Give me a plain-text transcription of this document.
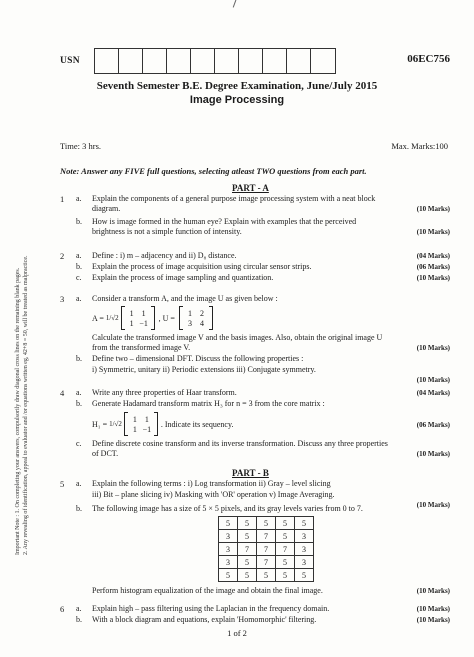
USN	06EC756
Seventh Semester B.E. Degree Examination, June/July 2015
Image Processing
Time: 3 hrs.	Max. Marks:100
Note: Answer any FIVE full questions, selecting atleast TWO questions from each part.
Important Note : 1. On completing your answers, compulsorily draw diagonal cross lines on the remaining blank pages. 2. Any revealing of identification, appeal to evaluator and /or equations written eg, 42+8 = 50, will be treated as malpractice.
PART - A
1 a. Explain the components of a general purpose image processing system with a neat block
diagram.	(10 Marks)
b. How is image formed in the human eye? Explain with examples that the perceived
brightness is not a simple function of intensity.	(10 Marks)
2 a. Define : i) m – adjacency and ii) D₈ distance.	(04 Marks)
b. Explain the process of image acquisition using circular sensor strips.	(06 Marks)
c. Explain the process of image sampling and quantization.	(10 Marks)
3 a. Consider a transform A, and the image U as given below :
A = 1/√2
1	1
1 −1
, U =
1	2
3	4
Calculate the transformed image V and the basis images. Also, obtain the original image U
from the transformed image V.	(10 Marks)
b. Define two – dimensional DFT. Discuss the following properties :
i) Symmetric, unitary ii) Periodic extensions iii) Conjugate symmetry.
(10 Marks)
4 a. Write any three properties of Haar transform.	(04 Marks)
b. Generate Hadamard transform matrix H₃ for n = 3 from the core matrix :
H₁ = 1/√2
1	1
1 −1
. Indicate its sequency.	(06 Marks)
c. Define discrete cosine transform and its inverse transformation. Discuss any three properties
of DCT.	(10 Marks)
PART - B
5 a. Explain the following terms : i) Log transformation ii) Gray – level slicing
iii) Bit – plane slicing iv) Masking with 'OR' operation v) Image Averaging.
(10 Marks)
b. The following image has a size of 5 × 5 pixels, and its gray levels varies from 0 to 7.
5	5	5	5	5
3	5	7	5	3
3	7	7	7	3
3	5	7	5	3
5	5	5	5	5
Perform histogram equalization of the image and obtain the final image.	(10 Marks)
6 a. Explain high – pass filtering using the Laplacian in the frequency domain.	(10 Marks)
b. With a block diagram and equations, explain 'Homomorphic' filtering.	(10 Marks)
1 of 2
